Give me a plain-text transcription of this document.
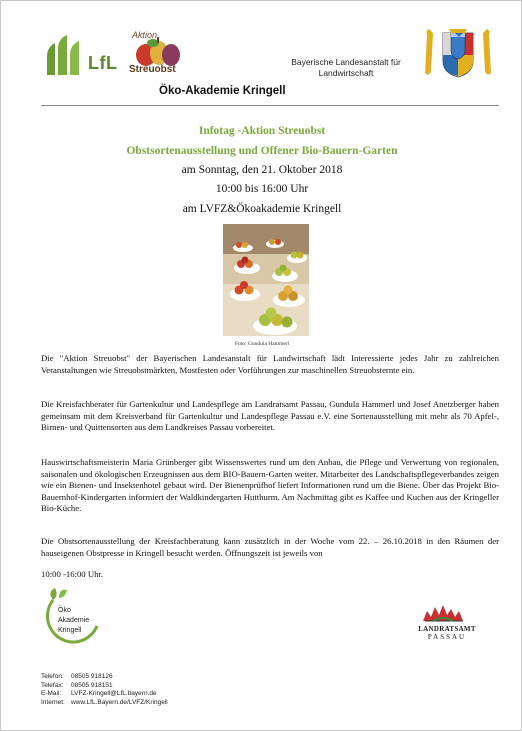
LfL
Aktion
Streuobst
Bayerische Landesanstalt für
Landwirtschaft
Öko-Akademie Kringell
Infotag -Aktion Streuobst
Obstsortenausstellung und Offener Bio-Bauern-Garten
am Sonntag, den 21. Oktober 2018
10:00 bis 16:00 Uhr
am LVFZ&Ökoakademie Kringell
Foto: Gundula Hammerl
Die "Aktion Streuobst" der Bayerischen Landesanstalt für Landwirtschaft lädt Interessierte jedes Jahr zu zahlreichen Veranstaltungen wie Streuobstmärkten, Mostfesten oder Vorführungen zur maschinellen Streuobsternte ein.
Die Kreisfachberater für Gartenkultur und Landespflege am Landratsamt Passau, Gundula Hammerl und Josef Anetzberger haben gemeinsam mit dem Kreisverband für Gartenkultur und Landespflege Passau e.V. eine Sortenausstellung mit mehr als 70 Apfel-, Birnen- und Quittensorten aus dem Landkreises Passau vorbereitet.
Hauswirtschaftsmeisterin Maria Grünberger gibt Wissenswertes rund um den Anbau, die Pflege und Verwertung von regionalen, saisonalen und ökologischen Erzeugnissen aus dem BIO-Bauern-Garten weiter. Mitarbeiter des Landschaftspflegeverbandes zeigen wie ein Bienen- und Insektenhotel gebaut wird. Der Bienenprüfhof liefert Informationen rund um die Biene. Über das Projekt Bio-Bauernhof-Kindergarten informiert der Waldkindergarten Hutthurm. Am Nachmittag gibt es Kaffee und Kuchen aus der Kringeller Bio-Küche.
Die Obstsortenausstellung der Kreisfachberatung kann zusätzlich in der Woche vom 22. – 26.10.2018 in den Räumen der hauseigenen Obstpresse in Kringell besucht werden. Öffnungszeit ist jeweils von
10:00 -16:00 Uhr.
Öko
Akademie
Kringell	LANDRATSAMT
PASSAU
Telefon: 08505 918126
Telefax: 08505 918151
E-Mail: LVFZ-Kringell@LfL.bayern.de
Internet: www.LfL.Bayern.de/LVFZ/Kringell
